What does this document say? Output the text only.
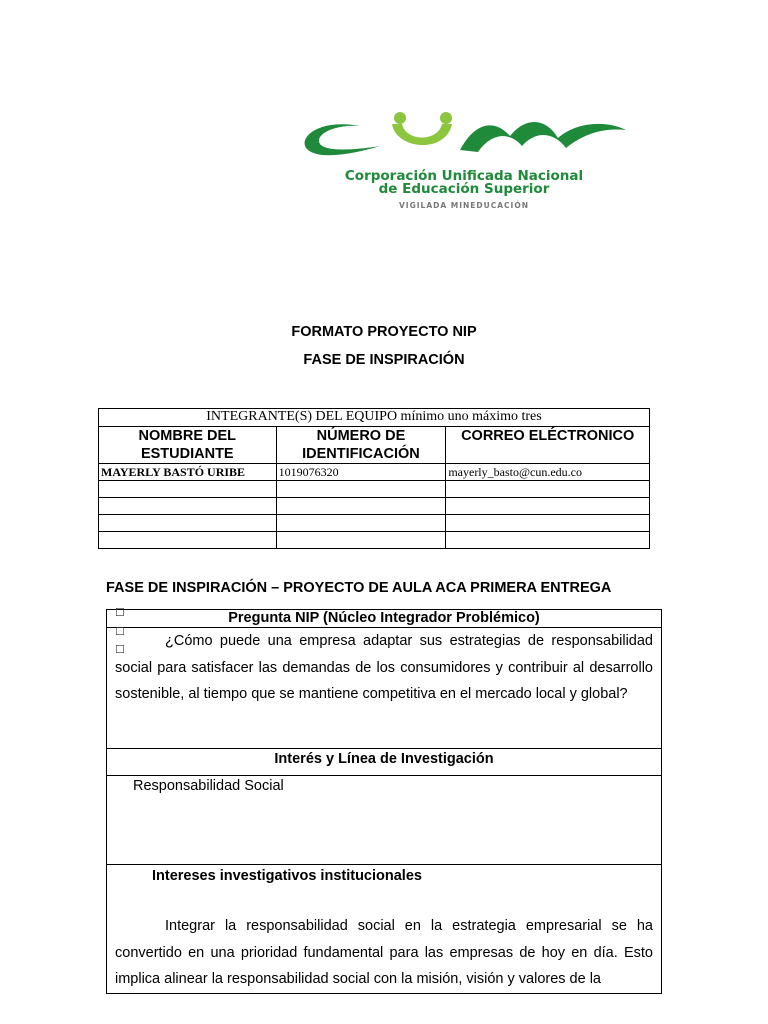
Corporación Unificada Nacional
de Educación Superior
VIGILADA MINEDUCACIÓN
FORMATO PROYECTO NIP
FASE DE INSPIRACIÓN
INTEGRANTE(S) DEL EQUIPO mínimo uno máximo tres		
NOMBRE DEL ESTUDIANTE	NÚMERO DE IDENTIFICACIÓN	CORREO ELÉCTRONICO
MAYERLY BASTÓ URIBE	1019076320	mayerly_basto@cun.edu.co

FASE DE INSPIRACIÓN – PROYECTO DE AULA ACA PRIMERA ENTREGA
Pregunta NIP (Núcleo Integrador Problémico)
¿Cómo puede una empresa adaptar sus estrategias de responsabilidad social para satisfacer las demandas de los consumidores y contribuir al desarrollo sostenible, al tiempo que se mantiene competitiva en el mercado local y global?
Interés y Línea de Investigación
Responsabilidad Social

Intereses investigativos institucionales
Integrar la responsabilidad social en la estrategia empresarial se ha convertido en una prioridad fundamental para las empresas de hoy en día. Esto implica alinear la responsabilidad social con la misión, visión y valores de la
☐
☐
☐
